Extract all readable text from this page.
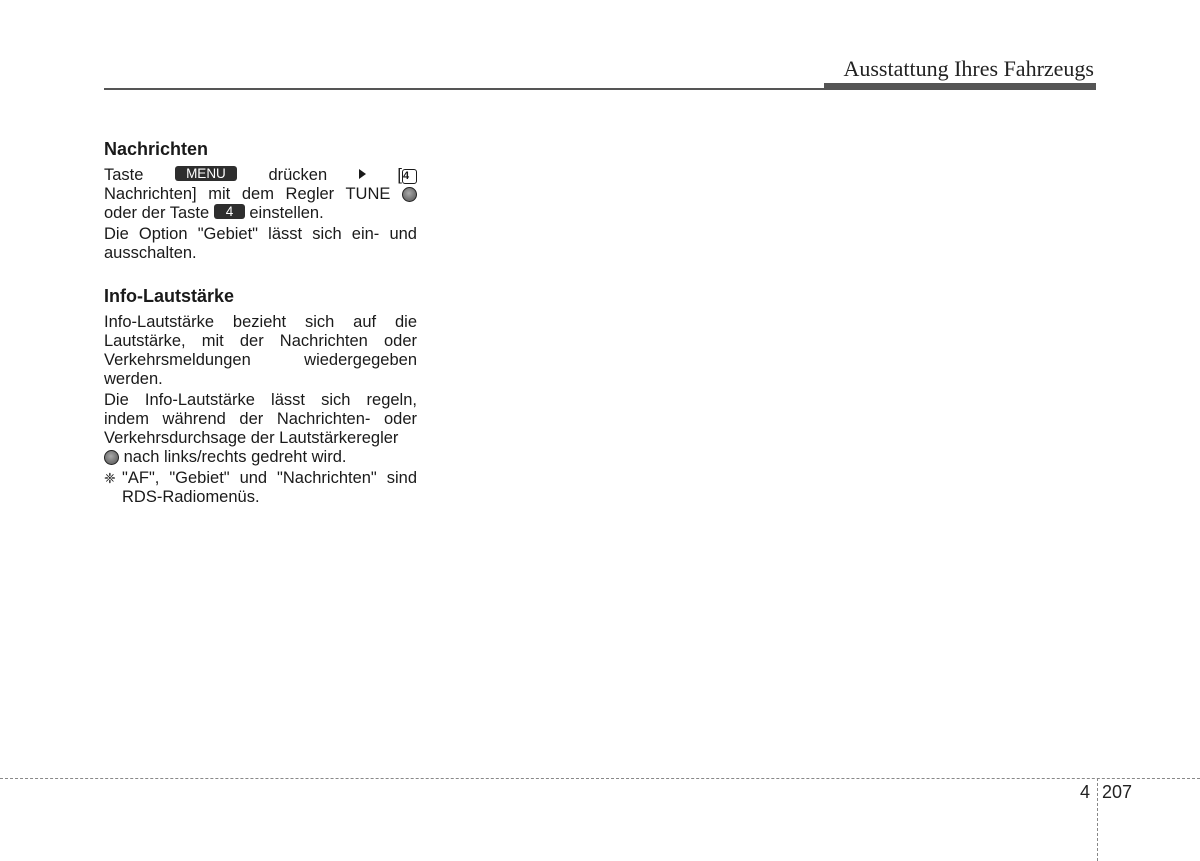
Ausstattung Ihres Fahrzeugs
Nachrichten
Taste	MENU	drücken	[4
Nachrichten] mit dem Regler TUNE
oder der Taste 4 einstellen.
Die Option "Gebiet" lässt sich ein- und ausschalten.
Info-Lautstärke
Info-Lautstärke bezieht sich auf die Lautstärke, mit der Nachrichten oder Verkehrsmeldungen wiedergegeben werden.
Die Info-Lautstärke lässt sich regeln, indem während der Nachrichten- oder Verkehrsdurchsage der Lautstärkeregler
nach links/rechts gedreht wird.
❈ "AF", "Gebiet" und "Nachrichten" sind RDS-Radiomenüs.
4 207
